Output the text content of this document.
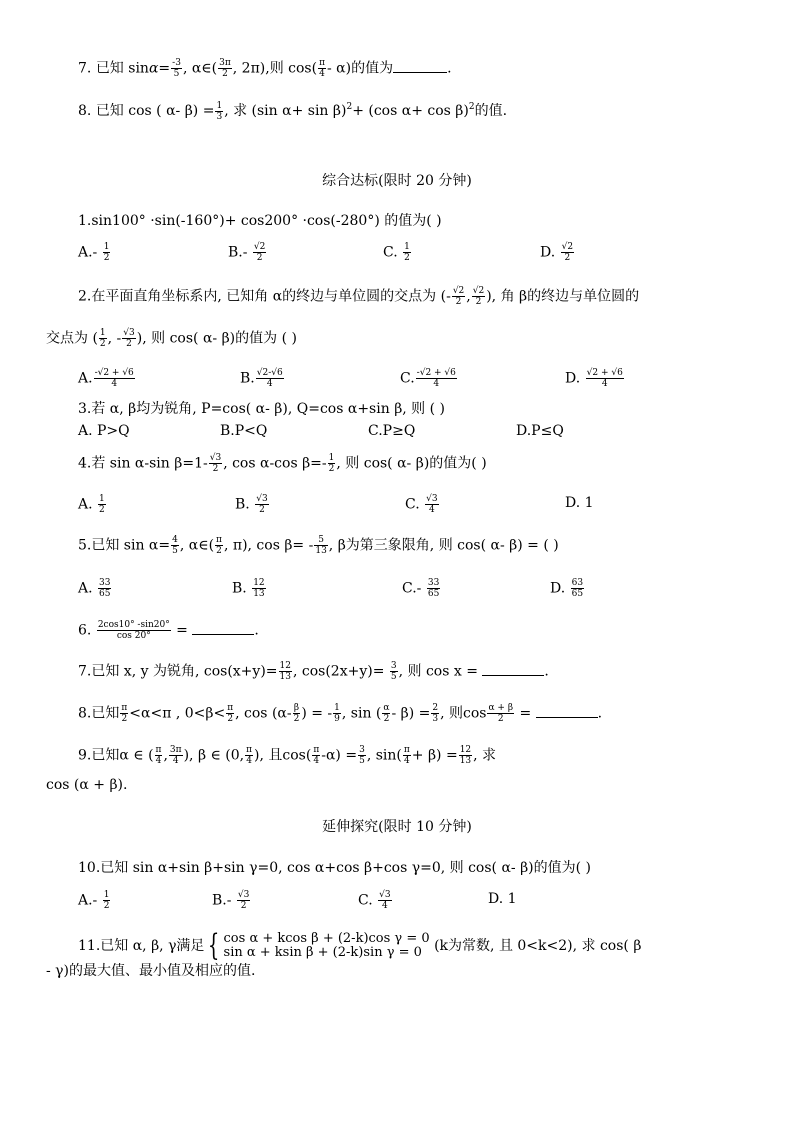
7. 已知 $\sin\alpha= \frac{-3}{5}$ , α∈( $\frac{3\pi}{2}$ , 2π),则 $\cos( \frac{\pi}{4} - \alpha)$的值为	.
8. 已知 cos ( α- $\beta) = \frac{1}{3}$ , 求 (sin α+ sin β)$^2$+ (cos α+ cos β)$^2$的值.
综合达标(限时 20 分钟)
1.sin100° ·sin(-160°)+ cos200° ·cos(-280°) 的值为( )
$A.- \frac{1}{2}$	$B.- \frac{√2}{2}$	C. $\frac{1}{2}$	D. $\frac{√2}{2}$
2.在平面直角坐标系内, 已知角 α的终边与单位圆的交点为 (- $\frac{√2}{2}$ , $\frac{√2}{2}$ ), 角 β的终边与单位圆的
交点为 ( $\frac{1}{2}$ , - $\frac{√3}{2}$ ), 则 cos( α- β)的值为 ( )
A. $\frac{-√2 + √6}{4}$	B. $\frac{√2-√6}{4}$	C. $\frac{-√2 + √6}{4}$	D. $\frac{√2 + √6}{4}$
3.若 α, β均为锐角, P=cos( α- β), Q=cos α+sin β, 则 ( )
A. P>Q	B.P<Q	C.P≥Q	D.P≤Q
4.若 sin α-sin $\beta=1- \frac{√3}{2}$ , cos α-cos $\beta=- \frac{1}{2}$ , 则 cos( α- β)的值为( )
A. $\frac{1}{2}$	B. $\frac{√3}{2}$	C. $\frac{√3}{4}$	D. 1
5.已知 $\sin \alpha= \frac{4}{5}$ , α∈( $\frac{\pi}{2}$ , π), $\cos \beta= - \frac{5}{13}$ , β为第三象限角, 则 cos( α- β) = ( )
A. $\frac{33}{65}$	B. $\frac{12}{13}$	$C.- \frac{33}{65}$	D. $\frac{63}{65}$
6. $\frac{2\cos 10^\circ -\sin 20^\circ}{\cos 20^\circ}$ =	.
7.已知 x, y 为锐角, $\cos(x+y)= \frac{12}{13}$ , $\cos(2x+y)= \frac{3}{5}$ , 则 cos x =	.
8.已知 $\frac{\pi}{2} <\alpha<\pi$ , $0<\beta< \frac{\pi}{2}$ , $\cos (\alpha- \frac{\beta}{2}$ ) = - $\frac{1}{9}$ , sin ( $\frac{\alpha}{2} - \beta) = \frac{2}{3}$ , 则$\cos \frac{\alpha + \beta}{2}$ =	.
9.已知α ∈ ( $\frac{\pi}{4}$ , $\frac{3\pi}{4}$ ), β ∈ (0, $\frac{\pi}{4}$ ), 且$\cos( \frac{\pi}{4} -\alpha) = \frac{3}{5}$ , $\sin( \frac{\pi}{4} + \beta) = \frac{12}{13}$ , 求
cos (α + β).
延伸探究(限时 10 分钟)
10.已知 sin α+sin β+sin γ=0, cos α+cos β+cos γ=0, 则 cos( α- β)的值为( )
$A.- \frac{1}{2}$	$B.- \frac{√3}{2}$	C. $\frac{√3}{4}$	D. 1
11.已知 α, β, γ满足 { cos α + kcos β + (2-k)cos γ = 0
sin α + ksin β + (2-k)sin γ = 0 (k为常数, 且 0<k<2), 求 cos( β
- γ)的最大值、最小值及相应的值.
